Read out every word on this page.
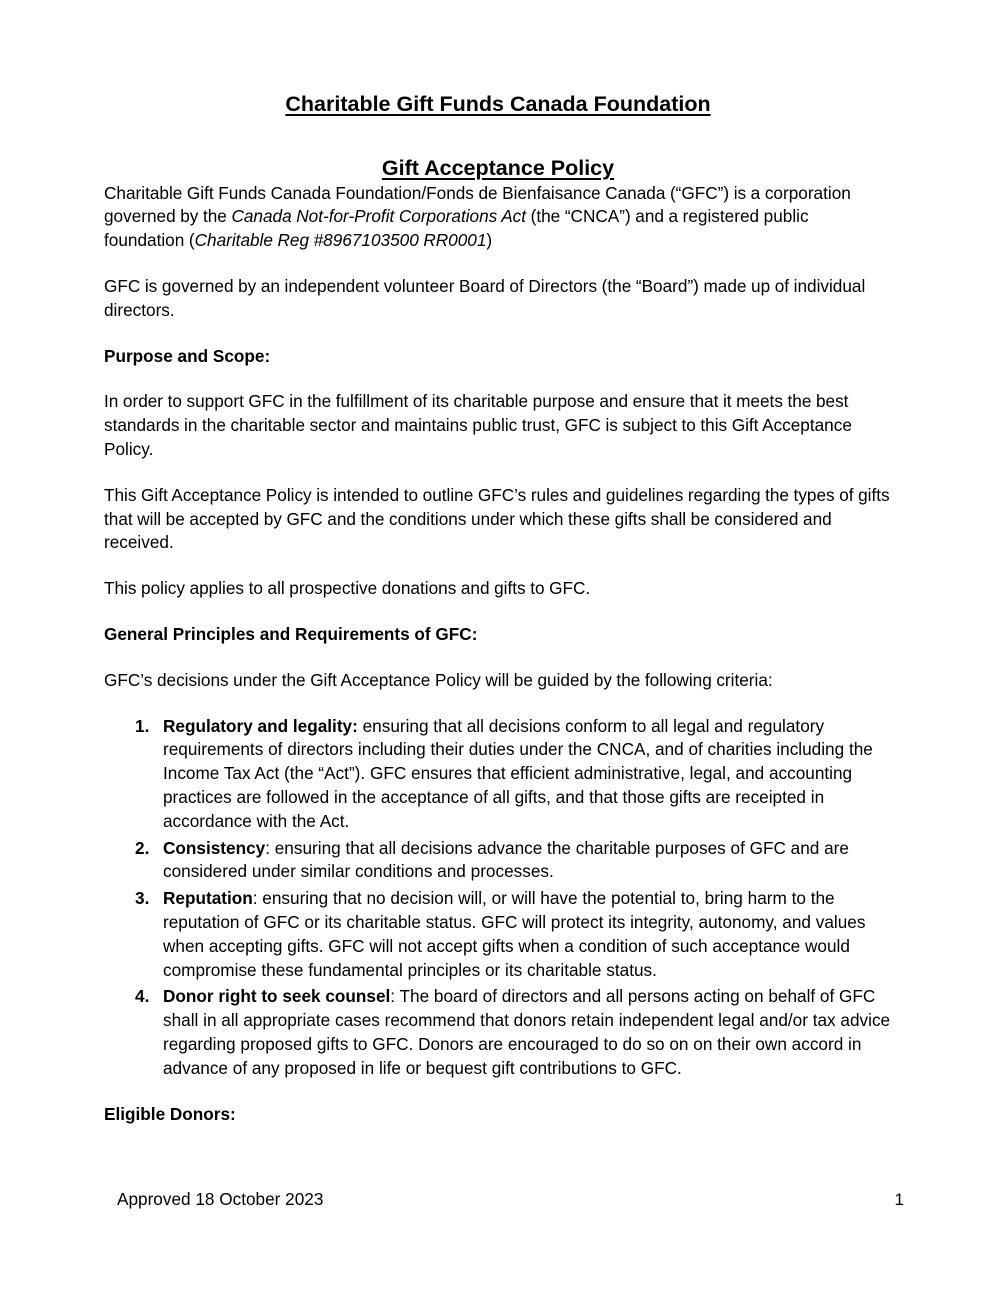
Charitable Gift Funds Canada Foundation
Gift Acceptance Policy

Charitable Gift Funds Canada Foundation/Fonds de Bienfaisance Canada (“GFC”) is a corporation governed by the Canada Not-for-Profit Corporations Act (the “CNCA”) and a registered public foundation (Charitable Reg #8967103500 RR0001)

GFC is governed by an independent volunteer Board of Directors (the “Board”) made up of individual directors.

Purpose and Scope:

In order to support GFC in the fulfillment of its charitable purpose and ensure that it meets the best standards in the charitable sector and maintains public trust, GFC is subject to this Gift Acceptance Policy.

This Gift Acceptance Policy is intended to outline GFC’s rules and guidelines regarding the types of gifts that will be accepted by GFC and the conditions under which these gifts shall be considered and received.

This policy applies to all prospective donations and gifts to GFC.

General Principles and Requirements of GFC:

GFC’s decisions under the Gift Acceptance Policy will be guided by the following criteria:

Regulatory and legality: ensuring that all decisions conform to all legal and regulatory requirements of directors including their duties under the CNCA, and of charities including the Income Tax Act (the “Act”). GFC ensures that efficient administrative, legal, and accounting practices are followed in the acceptance of all gifts, and that those gifts are receipted in accordance with the Act.
Consistency: ensuring that all decisions advance the charitable purposes of GFC and are considered under similar conditions and processes.
Reputation: ensuring that no decision will, or will have the potential to, bring harm to the reputation of GFC or its charitable status. GFC will protect its integrity, autonomy, and values when accepting gifts. GFC will not accept gifts when a condition of such acceptance would compromise these fundamental principles or its charitable status.
Donor right to seek counsel: The board of directors and all persons acting on behalf of GFC shall in all appropriate cases recommend that donors retain independent legal and/or tax advice regarding proposed gifts to GFC. Donors are encouraged to do so on on their own accord in advance of any proposed in life or bequest gift contributions to GFC.

Eligible Donors:

Approved 18 October 2023	1
